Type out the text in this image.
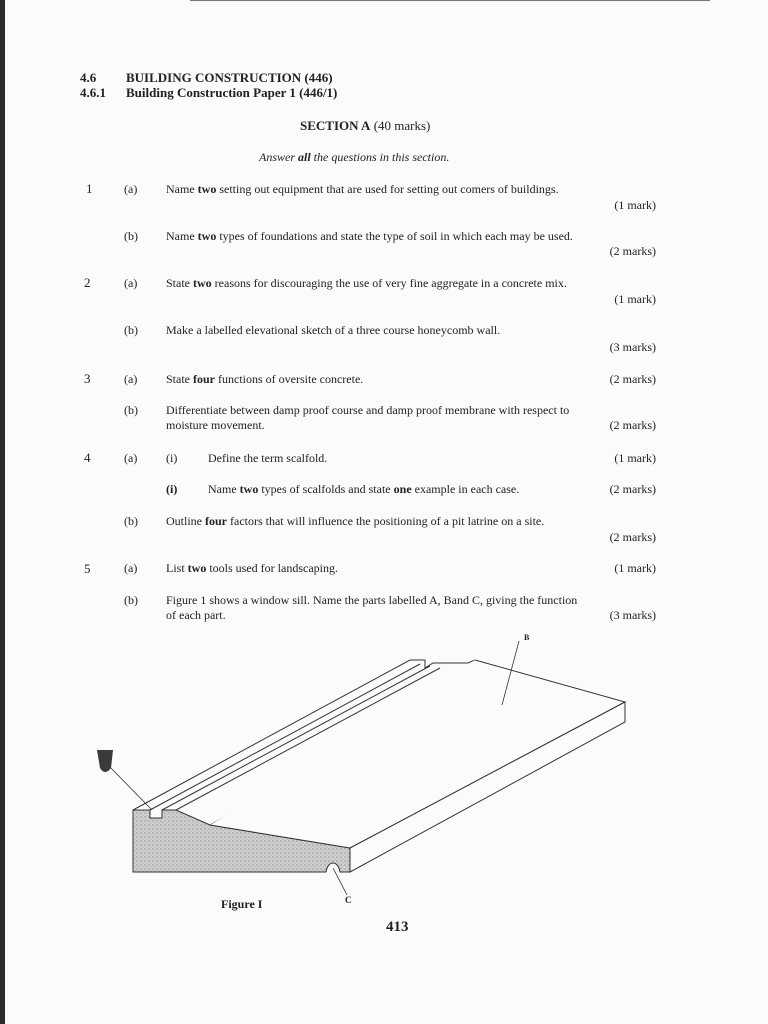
4.6 BUILDING CONSTRUCTION (446)
4.6.1 Building Construction Paper 1 (446/1)
SECTION A (40 marks)
Answer all the questions in this section.
1	(a) Name two setting out equipment that are used for setting out comers of buildings.
(1 mark)
(b) Name two types of foundations and state the type of soil in which each may be used.
(2 marks)
2	(a) State two reasons for discouraging the use of very fine aggregate in a concrete mix.
(1 mark)
(b) Make a labelled elevational sketch of a three course honeycomb wall.
(3 marks)
3	(a) State four functions of oversite concrete.	(2 marks)
(b) Differentiate between damp proof course and damp proof membrane with respect to
moisture movement.	(2 marks)
4	(a) (i)	Define the term scalfold.	(1 mark)
(i)	Name two types of scalfolds and state one example in each case.	(2 marks)
(b) Outline four factors that will influence the positioning of a pit latrine on a site.
(2 marks)
5	(a) List two tools used for landscaping.	(1 mark)
(b) Figure 1 shows a window sill. Name the parts labelled A, Band C, giving the function
of each part.	(3 marks)
A
B
C
Figure I
413
